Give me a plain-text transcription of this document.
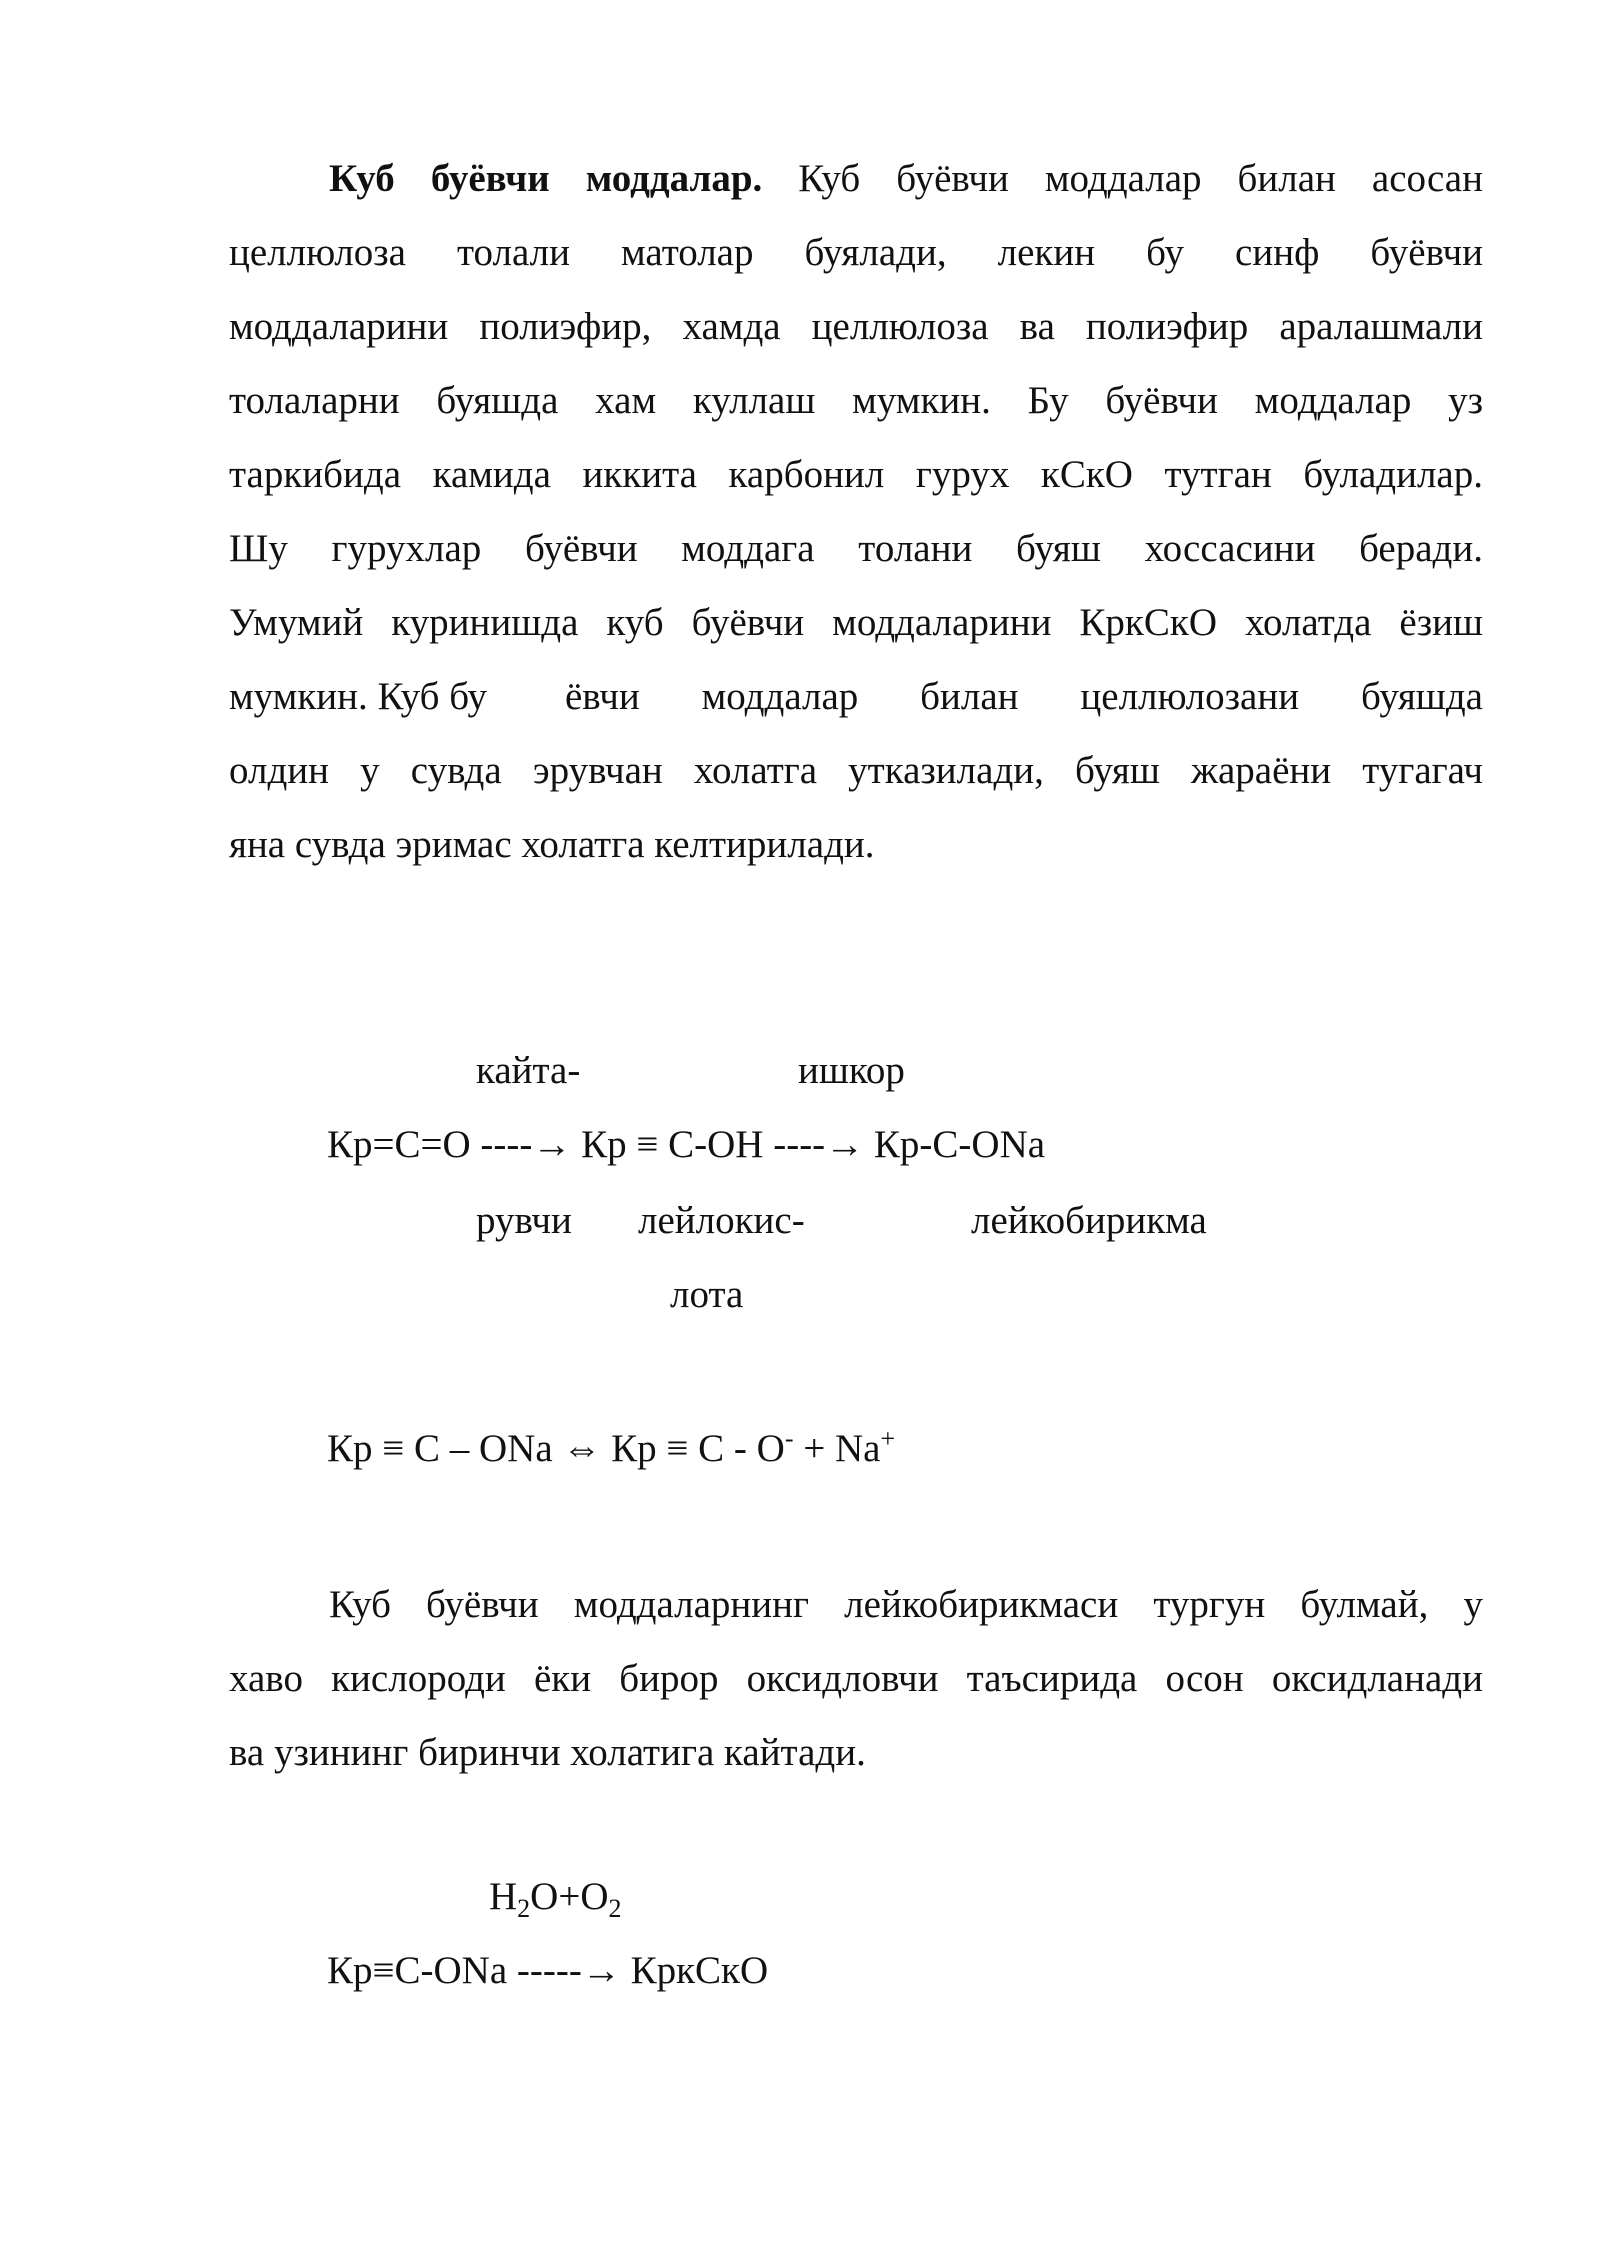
Куб буёвчи моддалар. Куб буёвчи моддалар билан асосан
целлюлоза толали матолар буялади, лекин бу синф буёвчи
моддаларини полиэфир, хамда целлюлоза ва полиэфир аралашмали
толаларни буяшда хам куллаш мумкин. Бу буёвчи моддалар уз
таркибида камида иккита карбонил гурух кСкО тутган буладилар.
Шу гурухлар буёвчи моддага толани буяш хоссасини беради.
Умумий куринишда куб буёвчи моддаларини КркСкО холатда ёзиш
мумкин. Куб бу ёвчи моддалар билан целлюлозани буяшда
олдин у сувда эрувчан холатга утказилади, буяш жараёни тугагач
яна сувда эримас холатга келтирилади.
кайта-	ишкор
Кр=С=О ----→ Кр ≡ С-ОН ----→ Кр-С-ОNa
рувчи лейлокис-	лейкобирикма
лота
Кр ≡ С – ОNa ⇔ Кр ≡ С - О- + Na+
Куб буёвчи моддаларнинг лейкобирикмаси тургун булмай, у
хаво кислороди ёки бирор оксидловчи таъсирида осон оксидланади
ва узининг биринчи холатига кайтади.
$Н_2О+О_2$
Кр≡С-ОNa -----→ КркСкО
